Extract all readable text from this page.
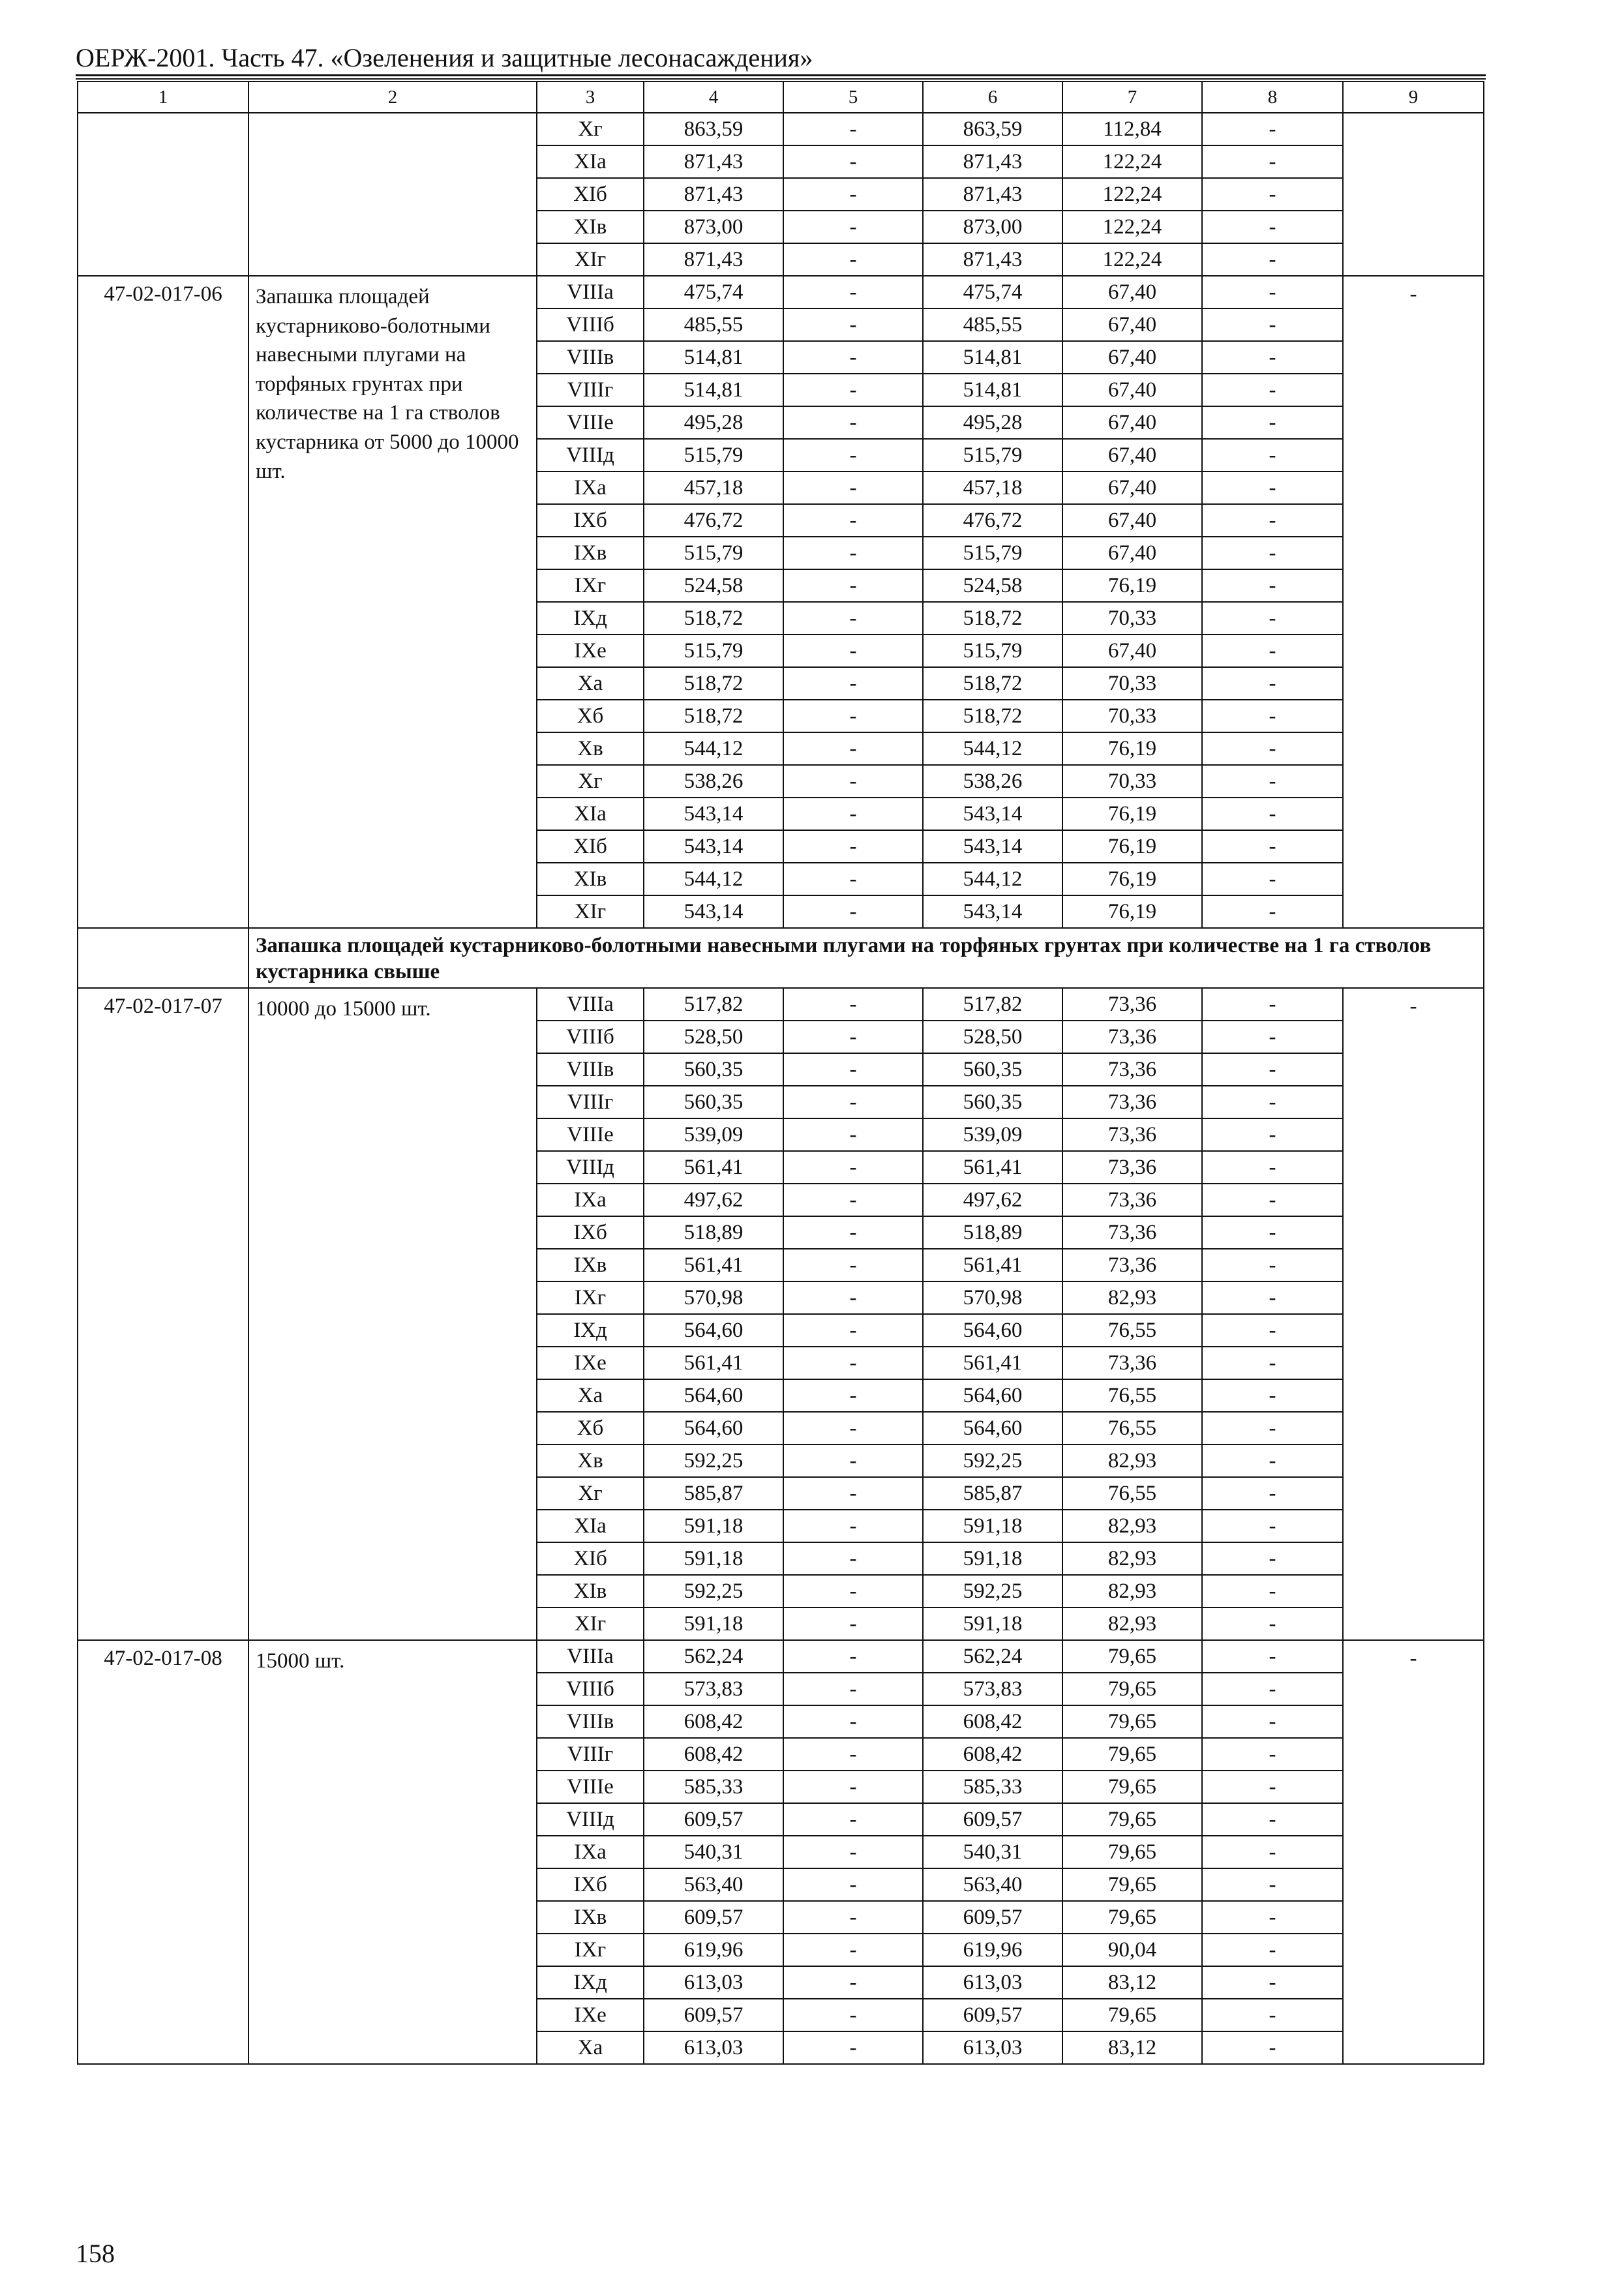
ОЕРЖ-2001. Часть 47. «Озеленения и защитные лесонасаждения»
1	2	3	4	5	6	7	8	9
		Xг	863,59	-	863,59	112,84	-	
		XIa	871,43	-	871,43	122,24	-	
		XIб	871,43	-	871,43	122,24	-	
		XIв	873,00	-	873,00	122,24	-	
		XIг	871,43	-	871,43	122,24	-	
47-02-017-06	Запашка площадей кустарниково-болотными навесными плугами на торфяных грунтах при количестве на 1 га стволов кустарника от 5000 до 10000 шт.	VIIIa	475,74	-	475,74	67,40	-	-
		VIIIб	485,55	-	485,55	67,40	-	
		VIIIв	514,81	-	514,81	67,40	-	
		VIIIг	514,81	-	514,81	67,40	-	
		VIIIe	495,28	-	495,28	67,40	-	
		VIIIд	515,79	-	515,79	67,40	-	
		IXa	457,18	-	457,18	67,40	-	
		IXб	476,72	-	476,72	67,40	-	
		IXв	515,79	-	515,79	67,40	-	
		IXг	524,58	-	524,58	76,19	-	
		IXд	518,72	-	518,72	70,33	-	
		IXe	515,79	-	515,79	67,40	-	
		Xa	518,72	-	518,72	70,33	-	
		Xб	518,72	-	518,72	70,33	-	
		Xв	544,12	-	544,12	76,19	-	
		Xг	538,26	-	538,26	70,33	-	
		XIa	543,14	-	543,14	76,19	-	
		XIб	543,14	-	543,14	76,19	-	
		XIв	544,12	-	544,12	76,19	-	
		XIг	543,14	-	543,14	76,19	-	
	Запашка площадей кустарниково-болотными навесными плугами на торфяных грунтах при количестве на 1 га стволов кустарника свыше							
47-02-017-07	10000 до 15000 шт.	VIIIa	517,82	-	517,82	73,36	-	-
		VIIIб	528,50	-	528,50	73,36	-	
		VIIIв	560,35	-	560,35	73,36	-	
		VIIIг	560,35	-	560,35	73,36	-	
		VIIIe	539,09	-	539,09	73,36	-	
		VIIIд	561,41	-	561,41	73,36	-	
		IXa	497,62	-	497,62	73,36	-	
		IXб	518,89	-	518,89	73,36	-	
		IXв	561,41	-	561,41	73,36	-	
		IXг	570,98	-	570,98	82,93	-	
		IXд	564,60	-	564,60	76,55	-	
		IXe	561,41	-	561,41	73,36	-	
		Xa	564,60	-	564,60	76,55	-	
		Xб	564,60	-	564,60	76,55	-	
		Xв	592,25	-	592,25	82,93	-	
		Xг	585,87	-	585,87	76,55	-	
		XIa	591,18	-	591,18	82,93	-	
		XIб	591,18	-	591,18	82,93	-	
		XIв	592,25	-	592,25	82,93	-	
		XIг	591,18	-	591,18	82,93	-	
47-02-017-08	15000 шт.	VIIIa	562,24	-	562,24	79,65	-	-
		VIIIб	573,83	-	573,83	79,65	-	
		VIIIв	608,42	-	608,42	79,65	-	
		VIIIг	608,42	-	608,42	79,65	-	
		VIIIe	585,33	-	585,33	79,65	-	
		VIIIд	609,57	-	609,57	79,65	-	
		IXa	540,31	-	540,31	79,65	-	
		IXб	563,40	-	563,40	79,65	-	
		IXв	609,57	-	609,57	79,65	-	
		IXг	619,96	-	619,96	90,04	-	
		IXд	613,03	-	613,03	83,12	-	
		IXe	609,57	-	609,57	79,65	-	
		Xa	613,03	-	613,03	83,12	-	
158
